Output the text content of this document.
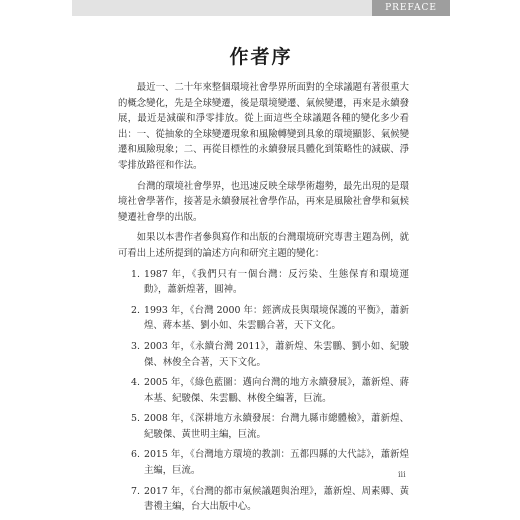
PREFACE
作者序

最近一、二十年來整個環境社會學界所面對的全球議題有著很重大的概念變化，先是全球變遷，後是環境變遷、氣候變遷，再來是永續發展，最近是減碳和淨零排放。從上面這些全球議題各種的變化多少看出：一、從抽象的全球變遷現象和風險轉變到具象的環境顯影、氣候變遷和風險現象；二、再從目標性的永續發展具體化到策略性的減碳、淨零排放路徑和作法。

台灣的環境社會學界，也迅速反映全球學術趨勢，最先出現的是環境社會學著作，接著是永續發展社會學作品，再來是風險社會學和氣候變遷社會學的出版。

如果以本書作者參與寫作和出版的台灣環境研究專書主題為例，就可看出上述所提到的論述方向和研究主題的變化：

1. 1987 年，《我們只有一個台灣：反污染、生態保育和環境運動》，蕭新煌著，圓神。
2. 1993 年，《台灣 2000 年：經濟成長與環境保護的平衡》，蕭新煌、蔣本基、劉小如、朱雲鵬合著，天下文化。
3. 2003 年，《永續台灣 2011》，蕭新煌、朱雲鵬、劉小如、紀駿傑、林俊全合著，天下文化。
4. 2005 年，《綠色藍圖：邁向台灣的地方永續發展》，蕭新煌、蔣本基、紀駿傑、朱雲鵬、林俊全編著，巨流。
5. 2008 年，《深耕地方永續發展：台灣九縣市總體檢》，蕭新煌、紀駿傑、黃世明主編，巨流。
6. 2015 年，《台灣地方環境的教訓：五都四縣的大代誌》，蕭新煌主編，巨流。
7. 2017 年，《台灣的都市氣候議題與治理》，蕭新煌、周素卿、黃書禮主編，台大出版中心。
iii
